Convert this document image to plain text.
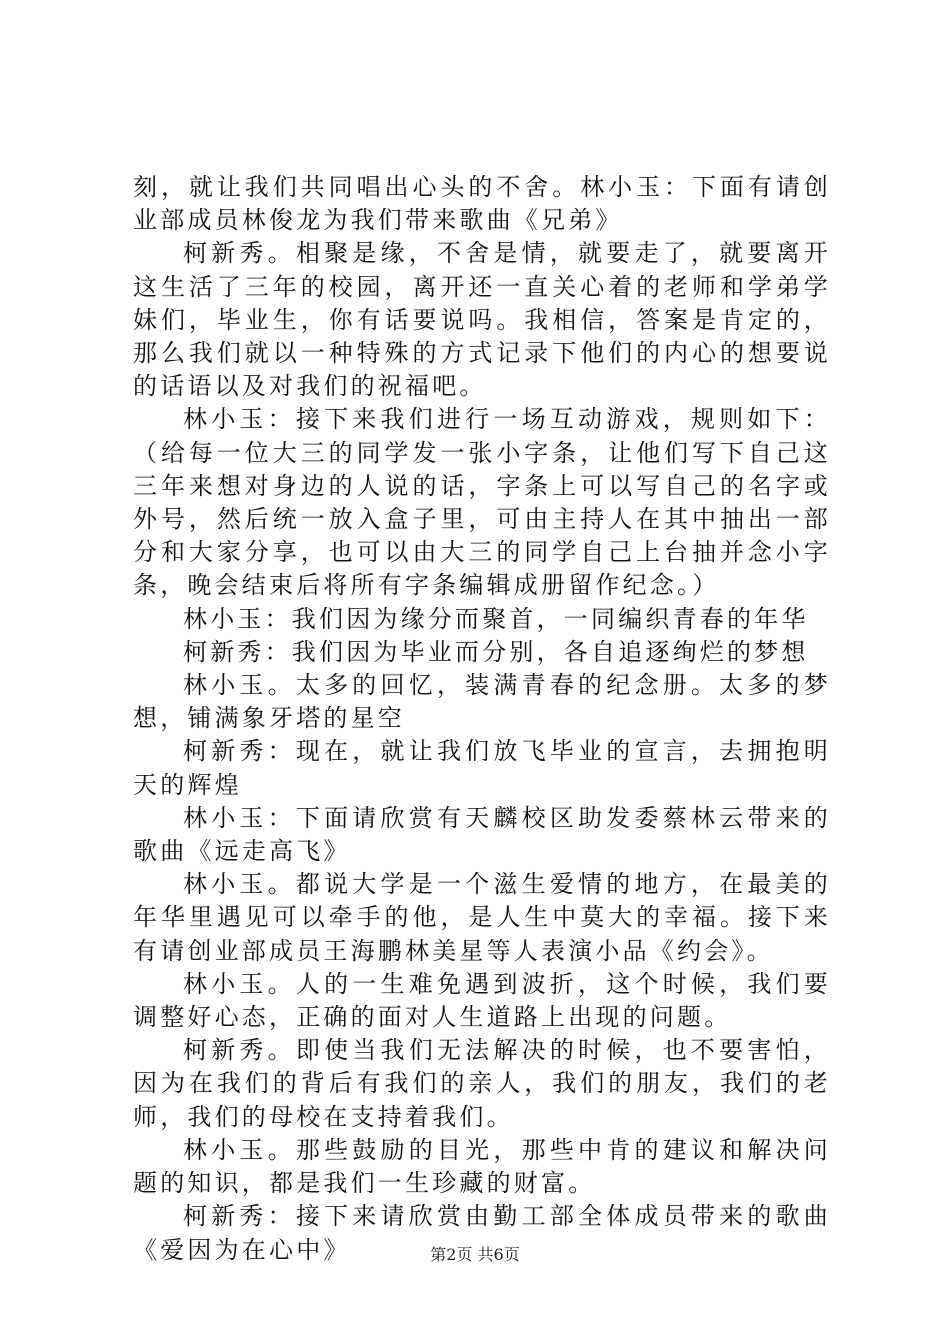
刻，就让我们共同唱出心头的不舍。林小玉：下面有请创业部成员林俊龙为我们带来歌曲《兄弟》

柯新秀。相聚是缘，不舍是情，就要走了，就要离开这生活了三年的校园，离开还一直关心着的老师和学弟学妹们，毕业生，你有话要说吗。我相信，答案是肯定的，那么我们就以一种特殊的方式记录下他们的内心的想要说的话语以及对我们的祝福吧。

林小玉：接下来我们进行一场互动游戏，规则如下：（给每一位大三的同学发一张小字条，让他们写下自己这三年来想对身边的人说的话，字条上可以写自己的名字或外号，然后统一放入盒子里，可由主持人在其中抽出一部分和大家分享，也可以由大三的同学自己上台抽并念小字条，晚会结束后将所有字条编辑成册留作纪念。）

林小玉：我们因为缘分而聚首，一同编织青春的年华

柯新秀：我们因为毕业而分别，各自追逐绚烂的梦想

林小玉。太多的回忆，装满青春的纪念册。太多的梦想，铺满象牙塔的星空

柯新秀：现在，就让我们放飞毕业的宣言，去拥抱明天的辉煌

林小玉：下面请欣赏有天麟校区助发委蔡林云带来的歌曲《远走高飞》

林小玉。都说大学是一个滋生爱情的地方，在最美的年华里遇见可以牵手的他，是人生中莫大的幸福。接下来有请创业部成员王海鹏林美星等人表演小品《约会》。

林小玉。人的一生难免遇到波折，这个时候，我们要调整好心态，正确的面对人生道路上出现的问题。

柯新秀。即使当我们无法解决的时候，也不要害怕，因为在我们的背后有我们的亲人，我们的朋友，我们的老师，我们的母校在支持着我们。

林小玉。那些鼓励的目光，那些中肯的建议和解决问题的知识，都是我们一生珍藏的财富。

柯新秀：接下来请欣赏由勤工部全体成员带来的歌曲《爱因为在心中》	第2页 共6页
